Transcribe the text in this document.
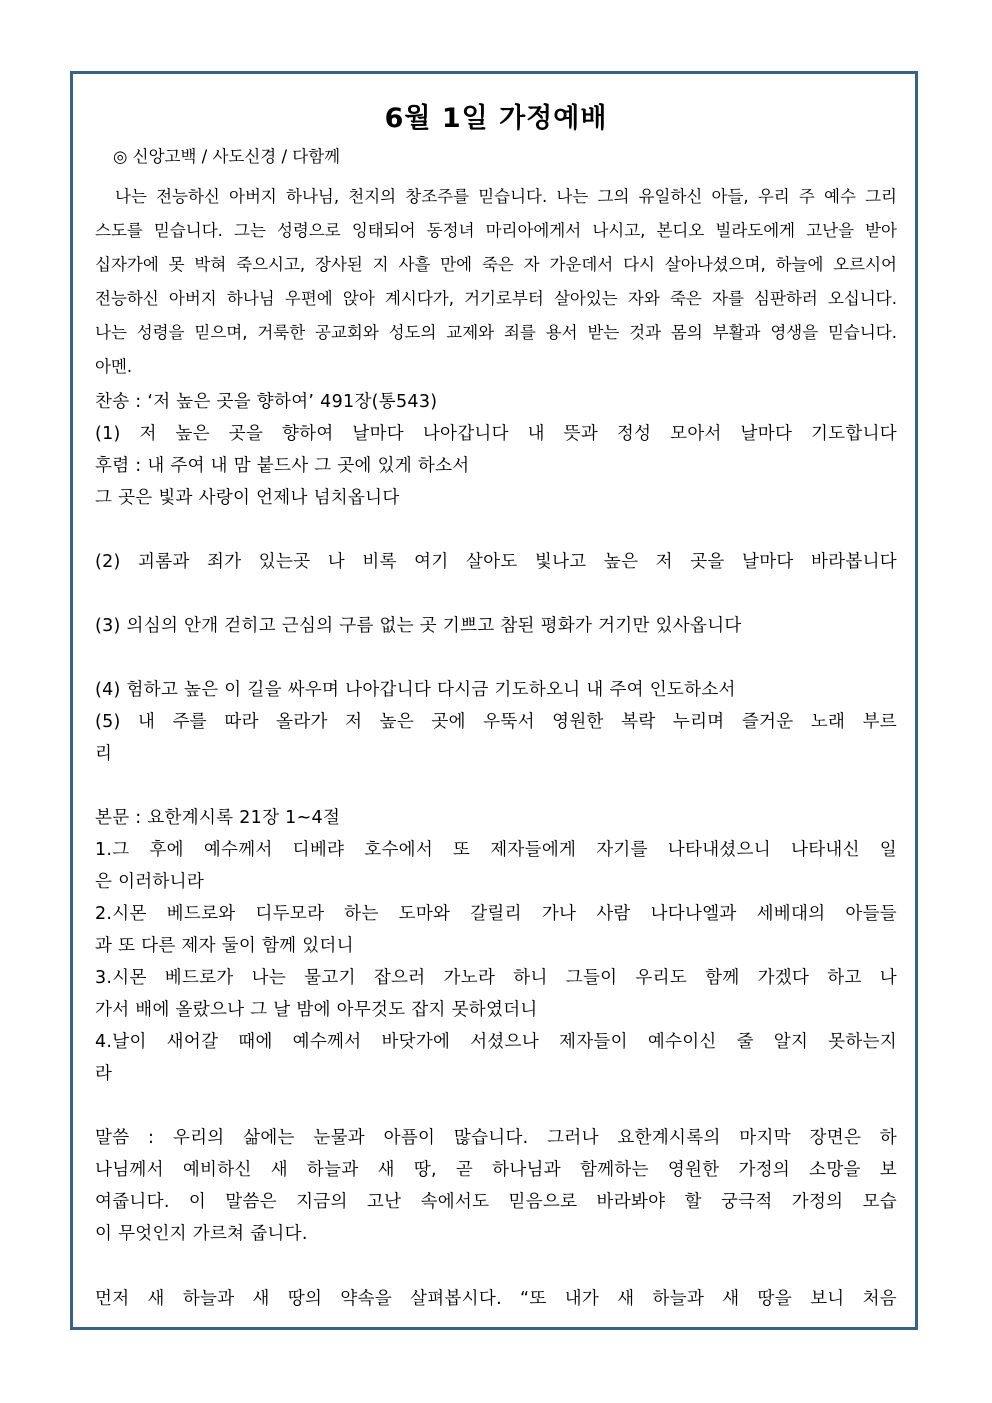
6월 1일 가정예배
◎ 신앙고백 / 사도신경 / 다함께
나는 전능하신 아버지 하나님, 천지의 창조주를 믿습니다. 나는 그의 유일하신 아들, 우리 주 예수 그리
스도를 믿습니다. 그는 성령으로 잉태되어 동정녀 마리아에게서 나시고, 본디오 빌라도에게 고난을 받아
십자가에 못 박혀 죽으시고, 장사된 지 사흘 만에 죽은 자 가운데서 다시 살아나셨으며, 하늘에 오르시어
전능하신 아버지 하나님 우편에 앉아 계시다가, 거기로부터 살아있는 자와 죽은 자를 심판하러 오십니다.
나는 성령을 믿으며, 거룩한 공교회와 성도의 교제와 죄를 용서 받는 것과 몸의 부활과 영생을 믿습니다.
아멘.
찬송 : ‘저 높은 곳을 향하여’ 491장(통543)
(1) 저 높은 곳을 향하여 날마다 나아갑니다 내 뜻과 정성 모아서 날마다 기도합니다
후렴 : 내 주여 내 맘 붙드사 그 곳에 있게 하소서
그 곳은 빛과 사랑이 언제나 넘치옵니다
(2) 괴롬과 죄가 있는곳 나 비록 여기 살아도 빛나고 높은 저 곳을 날마다 바라봅니다
(3) 의심의 안개 걷히고 근심의 구름 없는 곳 기쁘고 참된 평화가 거기만 있사옵니다
(4) 험하고 높은 이 길을 싸우며 나아갑니다 다시금 기도하오니 내 주여 인도하소서
(5) 내 주를 따라 올라가 저 높은 곳에 우뚝서 영원한 복락 누리며 즐거운 노래 부르
리
본문 : 요한계시록 21장 1~4절
1.그 후에 예수께서 디베랴 호수에서 또 제자들에게 자기를 나타내셨으니 나타내신 일
은 이러하니라
2.시몬 베드로와 디두모라 하는 도마와 갈릴리 가나 사람 나다나엘과 세베대의 아들들
과 또 다른 제자 둘이 함께 있더니
3.시몬 베드로가 나는 물고기 잡으러 가노라 하니 그들이 우리도 함께 가겠다 하고 나
가서 배에 올랐으나 그 날 밤에 아무것도 잡지 못하였더니
4.날이 새어갈 때에 예수께서 바닷가에 서셨으나 제자들이 예수이신 줄 알지 못하는지
라
말씀 : 우리의 삶에는 눈물과 아픔이 많습니다. 그러나 요한계시록의 마지막 장면은 하
나님께서 예비하신 새 하늘과 새 땅, 곧 하나님과 함께하는 영원한 가정의 소망을 보
여줍니다. 이 말씀은 지금의 고난 속에서도 믿음으로 바라봐야 할 궁극적 가정의 모습
이 무엇인지 가르쳐 줍니다.
먼저 새 하늘과 새 땅의 약속을 살펴봅시다. “또 내가 새 하늘과 새 땅을 보니 처음
